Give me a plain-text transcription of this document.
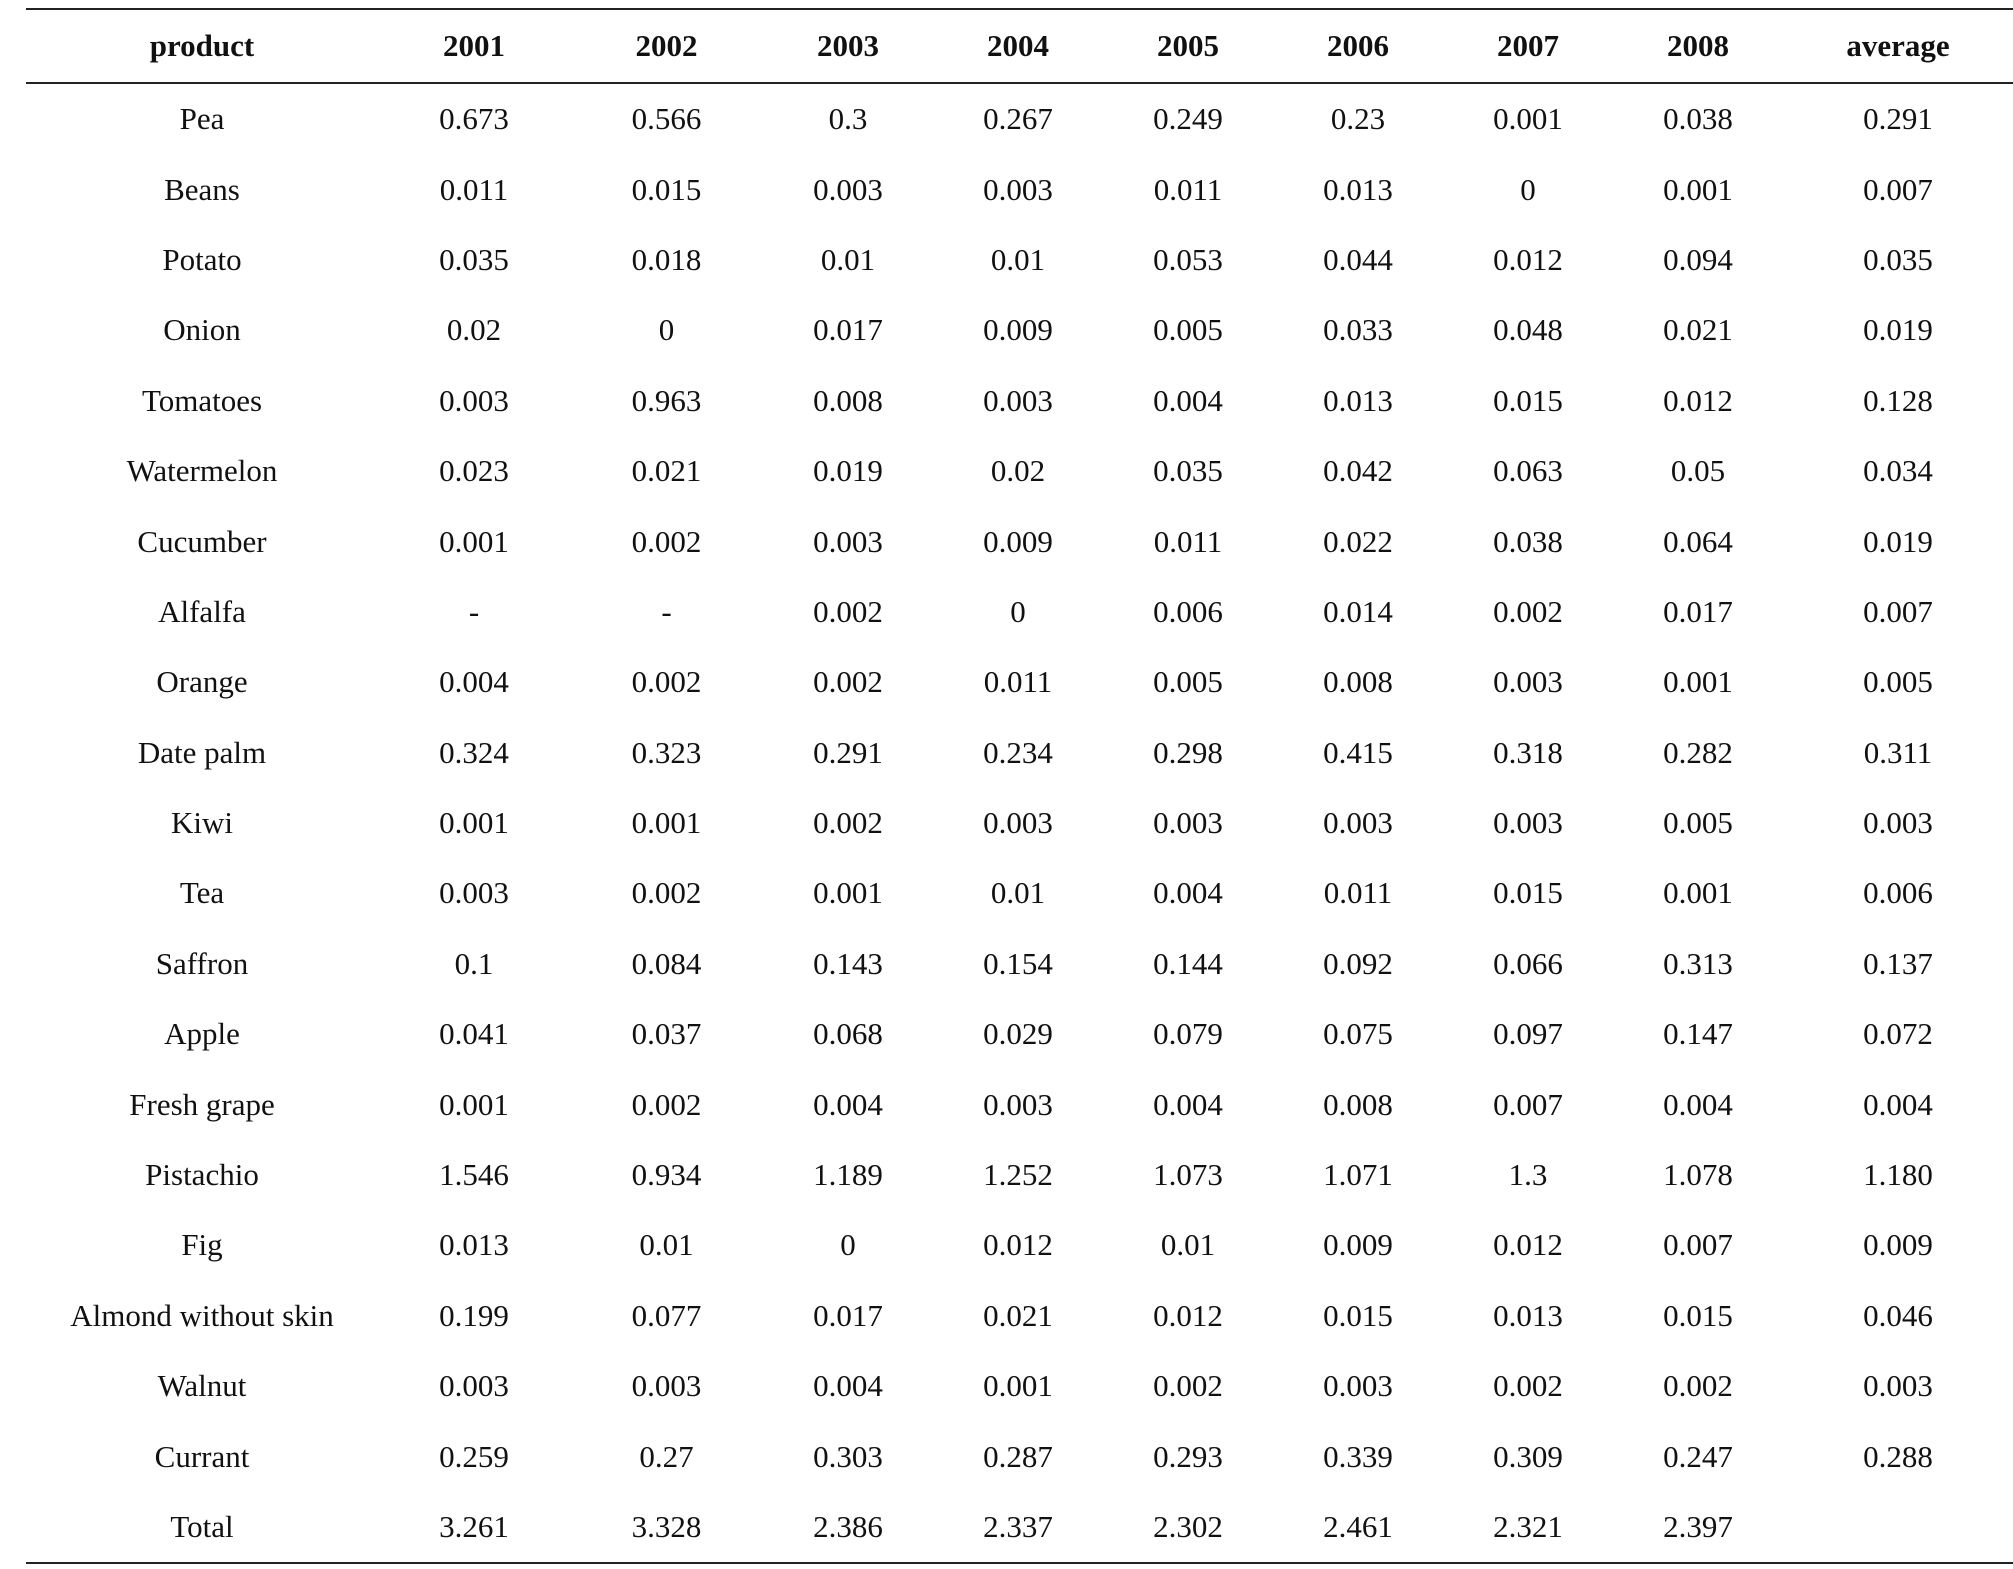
product	2001	2002	2003	2004	2005	2006	2007	2008	average
Pea	0.673	0.566	0.3	0.267	0.249	0.23	0.001	0.038	0.291
Beans	0.011	0.015	0.003	0.003	0.011	0.013	0	0.001	0.007
Potato	0.035	0.018	0.01	0.01	0.053	0.044	0.012	0.094	0.035
Onion	0.02	0	0.017	0.009	0.005	0.033	0.048	0.021	0.019
Tomatoes	0.003	0.963	0.008	0.003	0.004	0.013	0.015	0.012	0.128
Watermelon	0.023	0.021	0.019	0.02	0.035	0.042	0.063	0.05	0.034
Cucumber	0.001	0.002	0.003	0.009	0.011	0.022	0.038	0.064	0.019
Alfalfa	-	-	0.002	0	0.006	0.014	0.002	0.017	0.007
Orange	0.004	0.002	0.002	0.011	0.005	0.008	0.003	0.001	0.005
Date palm	0.324	0.323	0.291	0.234	0.298	0.415	0.318	0.282	0.311
Kiwi	0.001	0.001	0.002	0.003	0.003	0.003	0.003	0.005	0.003
Tea	0.003	0.002	0.001	0.01	0.004	0.011	0.015	0.001	0.006
Saffron	0.1	0.084	0.143	0.154	0.144	0.092	0.066	0.313	0.137
Apple	0.041	0.037	0.068	0.029	0.079	0.075	0.097	0.147	0.072
Fresh grape	0.001	0.002	0.004	0.003	0.004	0.008	0.007	0.004	0.004
Pistachio	1.546	0.934	1.189	1.252	1.073	1.071	1.3	1.078	1.180
Fig	0.013	0.01	0	0.012	0.01	0.009	0.012	0.007	0.009
Almond without skin	0.199	0.077	0.017	0.021	0.012	0.015	0.013	0.015	0.046
Walnut	0.003	0.003	0.004	0.001	0.002	0.003	0.002	0.002	0.003
Currant	0.259	0.27	0.303	0.287	0.293	0.339	0.309	0.247	0.288
Total	3.261	3.328	2.386	2.337	2.302	2.461	2.321	2.397	
